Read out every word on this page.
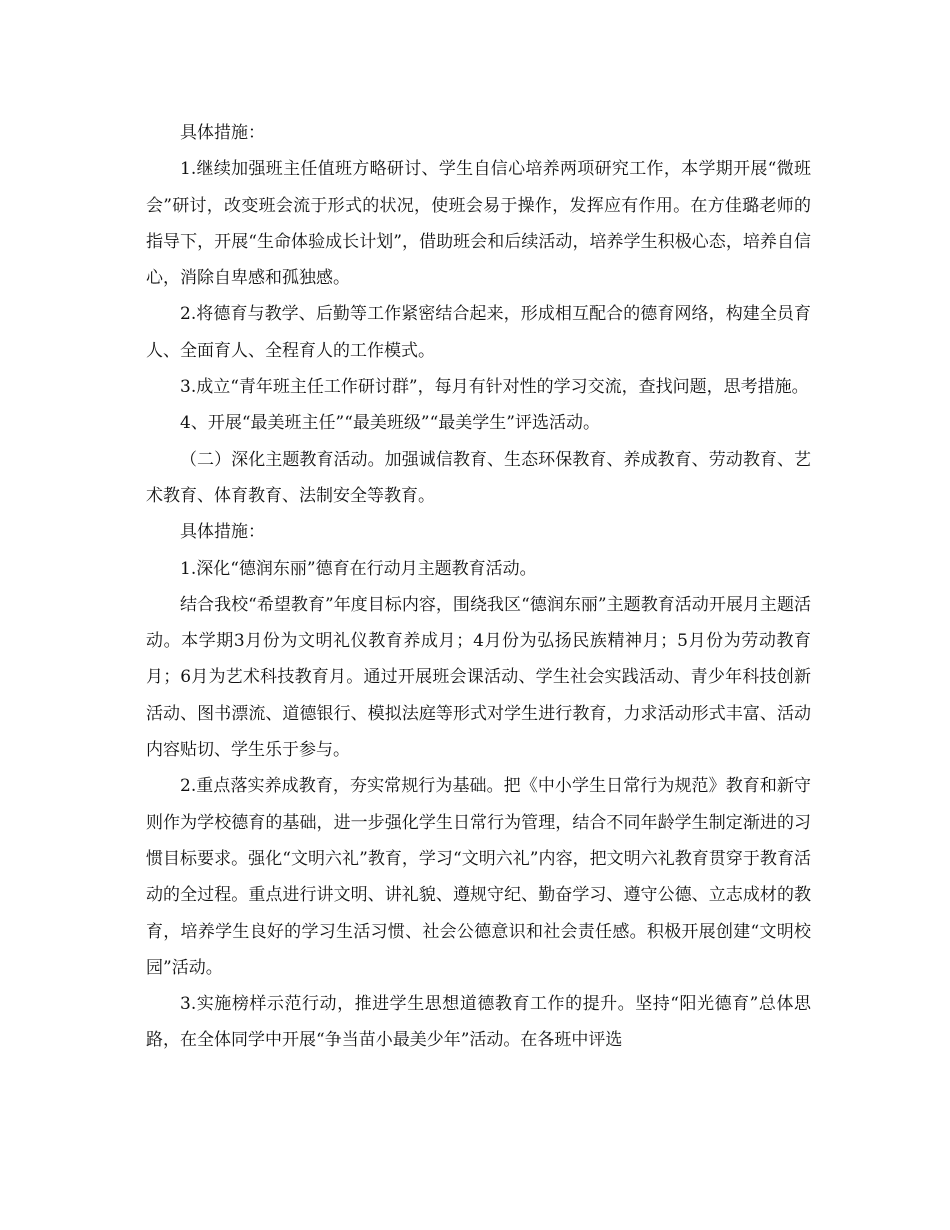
具体措施：

1.继续加强班主任值班方略研讨、学生自信心培养两项研究工作，本学期开展“微班会”研讨，改变班会流于形式的状况，使班会易于操作，发挥应有作用。在方佳璐老师的指导下，开展“生命体验成长计划”，借助班会和后续活动，培养学生积极心态，培养自信心，消除自卑感和孤独感。

2.将德育与教学、后勤等工作紧密结合起来，形成相互配合的德育网络，构建全员育人、全面育人、全程育人的工作模式。

3.成立“青年班主任工作研讨群”，每月有针对性的学习交流，查找问题，思考措施。

4、开展“最美班主任”“最美班级”“最美学生”评选活动。

（二）深化主题教育活动。加强诚信教育、生态环保教育、养成教育、劳动教育、艺术教育、体育教育、法制安全等教育。

具体措施：

1.深化“德润东丽”德育在行动月主题教育活动。

结合我校“希望教育”年度目标内容，围绕我区“德润东丽”主题教育活动开展月主题活动。本学期3月份为文明礼仪教育养成月；4月份为弘扬民族精神月；5月份为劳动教育月；6月为艺术科技教育月。通过开展班会课活动、学生社会实践活动、青少年科技创新活动、图书漂流、道德银行、模拟法庭等形式对学生进行教育，力求活动形式丰富、活动内容贴切、学生乐于参与。

2.重点落实养成教育，夯实常规行为基础。把《中小学生日常行为规范》教育和新守则作为学校德育的基础，进一步强化学生日常行为管理，结合不同年龄学生制定渐进的习惯目标要求。强化“文明六礼”教育，学习“文明六礼”内容，把文明六礼教育贯穿于教育活动的全过程。重点进行讲文明、讲礼貌、遵规守纪、勤奋学习、遵守公德、立志成材的教育，培养学生良好的学习生活习惯、社会公德意识和社会责任感。积极开展创建“文明校园”活动。

3.实施榜样示范行动，推进学生思想道德教育工作的提升。坚持“阳光德育”总体思路，在全体同学中开展“争当苗小最美少年”活动。在各班中评选
